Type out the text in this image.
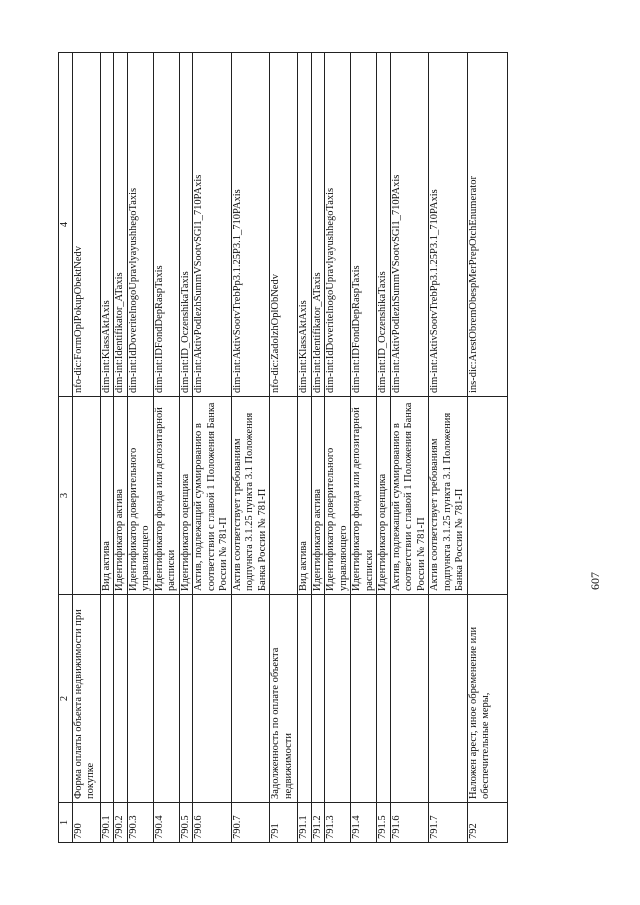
1	2	3	4
790	Форма оплаты объекта недвижимости при покупке		nfo-dic:FormOplPokupObektNedv
790.1		Вид актива	dim-int:KlassAktAxis
790.2		Идентификатор актива	dim-int:Identifikator_ATaxis
790.3		Идентификатор доверительного управляющего	dim-int:IdDoveritelnogoUpravlyayushhegoTaxis
790.4		Идентификатор фонда или депозитарной расписки	dim-int:IDFondDepRaspTaxis
790.5		Идентификатор оценщика	dim-int:ID_OczenshikaTaxis
790.6		Актив, подлежащий суммированию в соответствии с главой 1 Положения Банка России № 781-П	dim-int:AktivPodlezhSummVSootvSGl1_710PAxis
790.7		Актив соответствует требованиям подпункта 3.1.25 пункта 3.1 Положения Банка России № 781-П	dim-int:AktivSootvTrebPp3.1.25P3.1_710PAxis
791	Задолженность по оплате объекта недвижимости		nfo-dic:ZadolzhOplObNedv
791.1		Вид актива	dim-int:KlassAktAxis
791.2		Идентификатор актива	dim-int:Identifikator_ATaxis
791.3		Идентификатор доверительного управляющего	dim-int:IdDoveritelnogoUpravlyayushhegoTaxis
791.4		Идентификатор фонда или депозитарной расписки	dim-int:IDFondDepRaspTaxis
791.5		Идентификатор оценщика	dim-int:ID_OczenshikaTaxis
791.6		Актив, подлежащий суммированию в соответствии с главой 1 Положения Банка России № 781-П	dim-int:AktivPodlezhSummVSootvSGl1_710PAxis
791.7		Актив соответствует требованиям подпункта 3.1.25 пункта 3.1 Положения Банка России № 781-П	dim-int:AktivSootvTrebPp3.1.25P3.1_710PAxis
792	Наложен арест, иное обременение или обеспечительные меры,		ins-dic:ArestObremObespMerPrepOtchEnumerator
607
